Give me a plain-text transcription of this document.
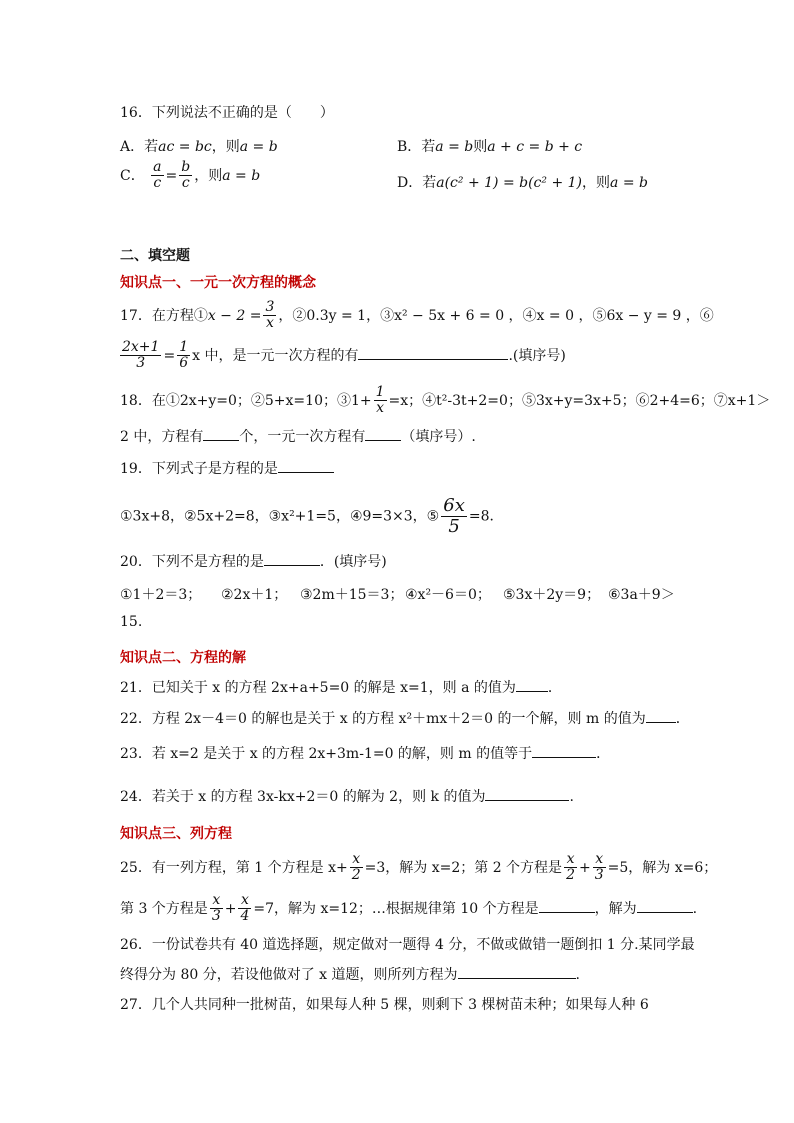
16．下列说法不正确的是（　　）
A．若ac = bc，则a = b	B．若a = b则a + c = b + c
C． $\frac{a}{c} = \frac{b}{c}$ ，则a = b	D．若a(c² + 1) = b(c² + 1)，则a = b
二、填空题
知识点一、一元一次方程的概念
17．在方程①x − $2 = \frac{3}{x}$ ，②0.3y = 1，③x² − 5x + 6 = 0 ，④x = 0 ，⑤6x − y = 9 ，⑥
$\frac{2x+1}{3} = \frac{1}{6}$ x 中，是一元一次方程的有	.(填序号)
18．在①2x+y=0；②5+x=10；③1+ $\frac{1}{x} =x$；④t²-3t+2=0；⑤3x+y=3x+5；⑥2+4=6；⑦x+1＞
2 中，方程有	个，一元一次方程有	（填序号）.
19．下列式子是方程的是
①3x+8，②5x+2=8，③x²+1=5，④9=3×3，⑤ $\frac{6x}{5} =8$．
20．下列不是方程的是	．(填序号)
①1＋2＝3； ②2x＋1； ③2m＋15＝3； ④x²－6＝0； ⑤3x＋2y＝9； ⑥3a＋9＞
15.
知识点二、方程的解
21．已知关于 x 的方程 2x+a+5=0 的解是 x=1，则 a 的值为 ．
22．方程 2x－4＝0 的解也是关于 x 的方程 x²＋mx＋2＝0 的一个解，则 m 的值为 ．
23．若 x=2 是关于 x 的方程 2x+3m-1=0 的解，则 m 的值等于	．
24．若关于 x 的方程 3x-kx+2＝0 的解为 2，则 k 的值为	.
知识点三、列方程
25．有一列方程，第 1 个方程是 $x+ \frac{x}{2} =3$，解为 x=2；第 2 个方程是 $\frac{x}{2} + \frac{x}{3} =5$，解为 x=6；
第 3 个方程是 $\frac{x}{3} + \frac{x}{4} =7$，解为 x=12；…根据规律第 10 个方程是	，解为	.
26．一份试卷共有 40 道选择题，规定做对一题得 4 分，不做或做错一题倒扣 1 分.某同学最
终得分为 80 分，若设他做对了 x 道题，则所列方程为	.
27．几个人共同种一批树苗，如果每人种 5 棵，则剩下 3 棵树苗未种；如果每人种 6
